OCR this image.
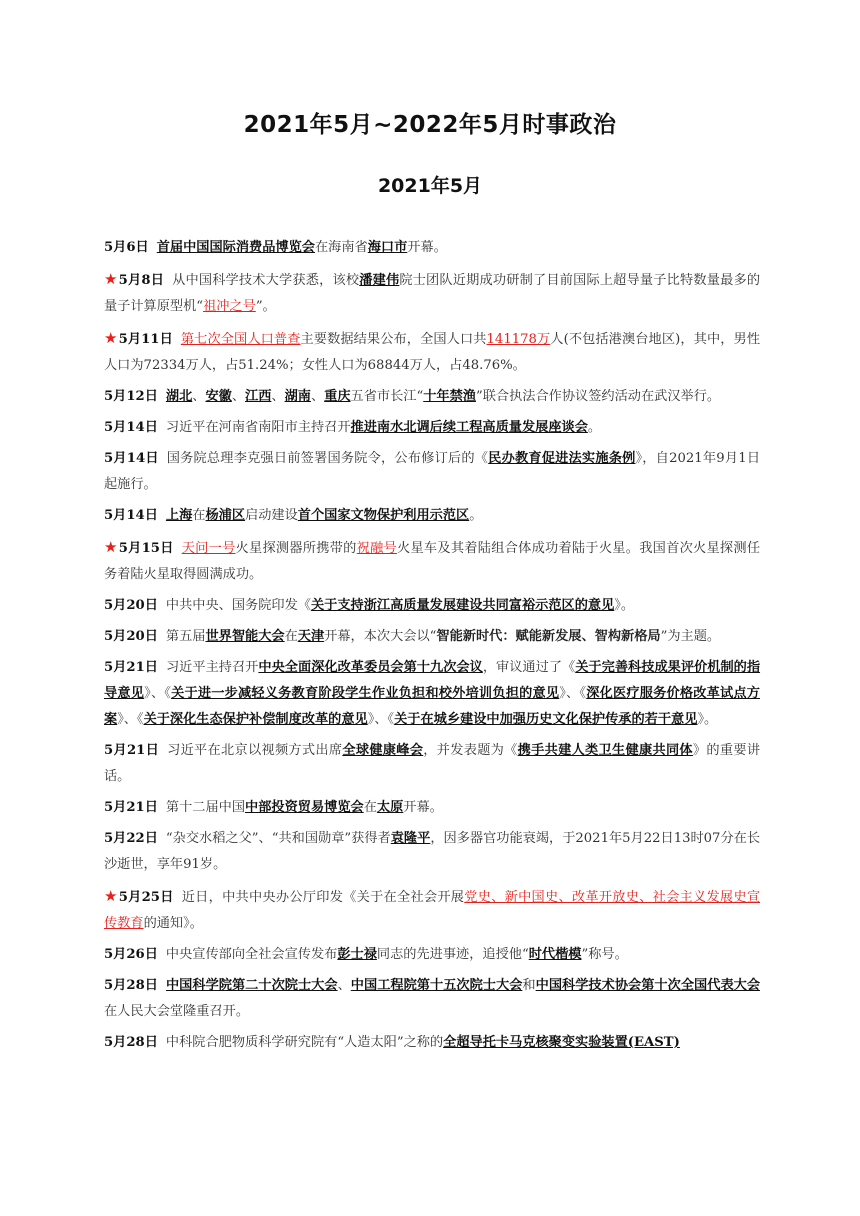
2021年5月~2022年5月时事政治
2021年5月

5月6日 首届中国国际消费品博览会在海南省海口市开幕。

★5月8日 从中国科学技术大学获悉，该校潘建伟院士团队近期成功研制了目前国际上超导量子比特数量最多的量子计算原型机“祖冲之号”。

★5月11日 第七次全国人口普查主要数据结果公布，全国人口共141178万人(不包括港澳台地区)，其中，男性人口为72334万人，占51.24%；女性人口为68844万人，占48.76%。

5月12日 湖北、安徽、江西、湖南、重庆五省市长江“十年禁渔”联合执法合作协议签约活动在武汉举行。

5月14日 习近平在河南省南阳市主持召开推进南水北调后续工程高质量发展座谈会。

5月14日 国务院总理李克强日前签署国务院令，公布修订后的《民办教育促进法实施条例》，自2021年9月1日起施行。

5月14日 上海在杨浦区启动建设首个国家文物保护利用示范区。

★5月15日 天问一号火星探测器所携带的祝融号火星车及其着陆组合体成功着陆于火星。我国首次火星探测任务着陆火星取得圆满成功。

5月20日 中共中央、国务院印发《关于支持浙江高质量发展建设共同富裕示范区的意见》。

5月20日 第五届世界智能大会在天津开幕，本次大会以“智能新时代：赋能新发展、智构新格局”为主题。

5月21日 习近平主持召开中央全面深化改革委员会第十九次会议，审议通过了《关于完善科技成果评价机制的指导意见》、《关于进一步减轻义务教育阶段学生作业负担和校外培训负担的意见》、《深化医疗服务价格改革试点方案》、《关于深化生态保护补偿制度改革的意见》、《关于在城乡建设中加强历史文化保护传承的若干意见》。

5月21日 习近平在北京以视频方式出席全球健康峰会，并发表题为《携手共建人类卫生健康共同体》的重要讲话。

5月21日 第十二届中国中部投资贸易博览会在太原开幕。

5月22日 “杂交水稻之父”、“共和国勋章”获得者袁隆平，因多器官功能衰竭，于2021年5月22日13时07分在长沙逝世，享年91岁。

★5月25日 近日，中共中央办公厅印发《关于在全社会开展党史、新中国史、改革开放史、社会主义发展史宣传教育的通知》。

5月26日 中央宣传部向全社会宣传发布彭士禄同志的先进事迹，追授他“时代楷模”称号。

5月28日 中国科学院第二十次院士大会、中国工程院第十五次院士大会和中国科学技术协会第十次全国代表大会在人民大会堂隆重召开。

5月28日 中科院合肥物质科学研究院有“人造太阳”之称的全超导托卡马克核聚变实验装置(EAST)
